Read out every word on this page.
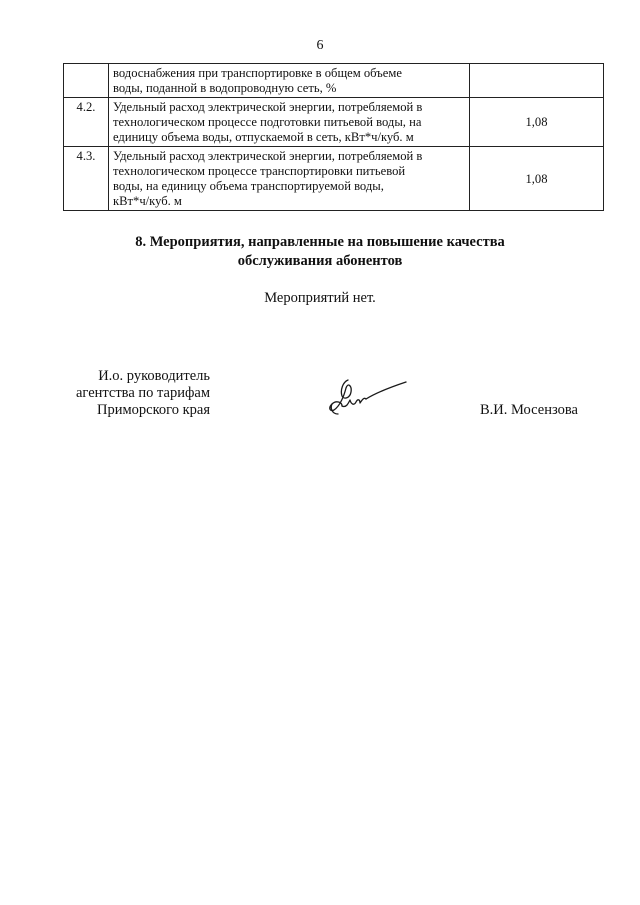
6

	водоснабжения при транспортировке в общем объеме
воды, поданной в водопроводную сеть, %	

4.2.	Удельный расход электрической энергии, потребляемой в
технологическом процессе подготовки питьевой воды, на
единицу объема воды, отпускаемой в сеть, кВт*ч/куб. м	1,08
4.3.	Удельный расход электрической энергии, потребляемой в
технологическом процессе транспортировки питьевой
воды, на единицу объема транспортируемой воды,
кВт*ч/куб. м	1,08
8. Мероприятия, направленные на повышение качества
обслуживания абонентов
Мероприятий нет.
И.о. руководитель
агентства по тарифам
Приморского края	В.И. Мосензова
